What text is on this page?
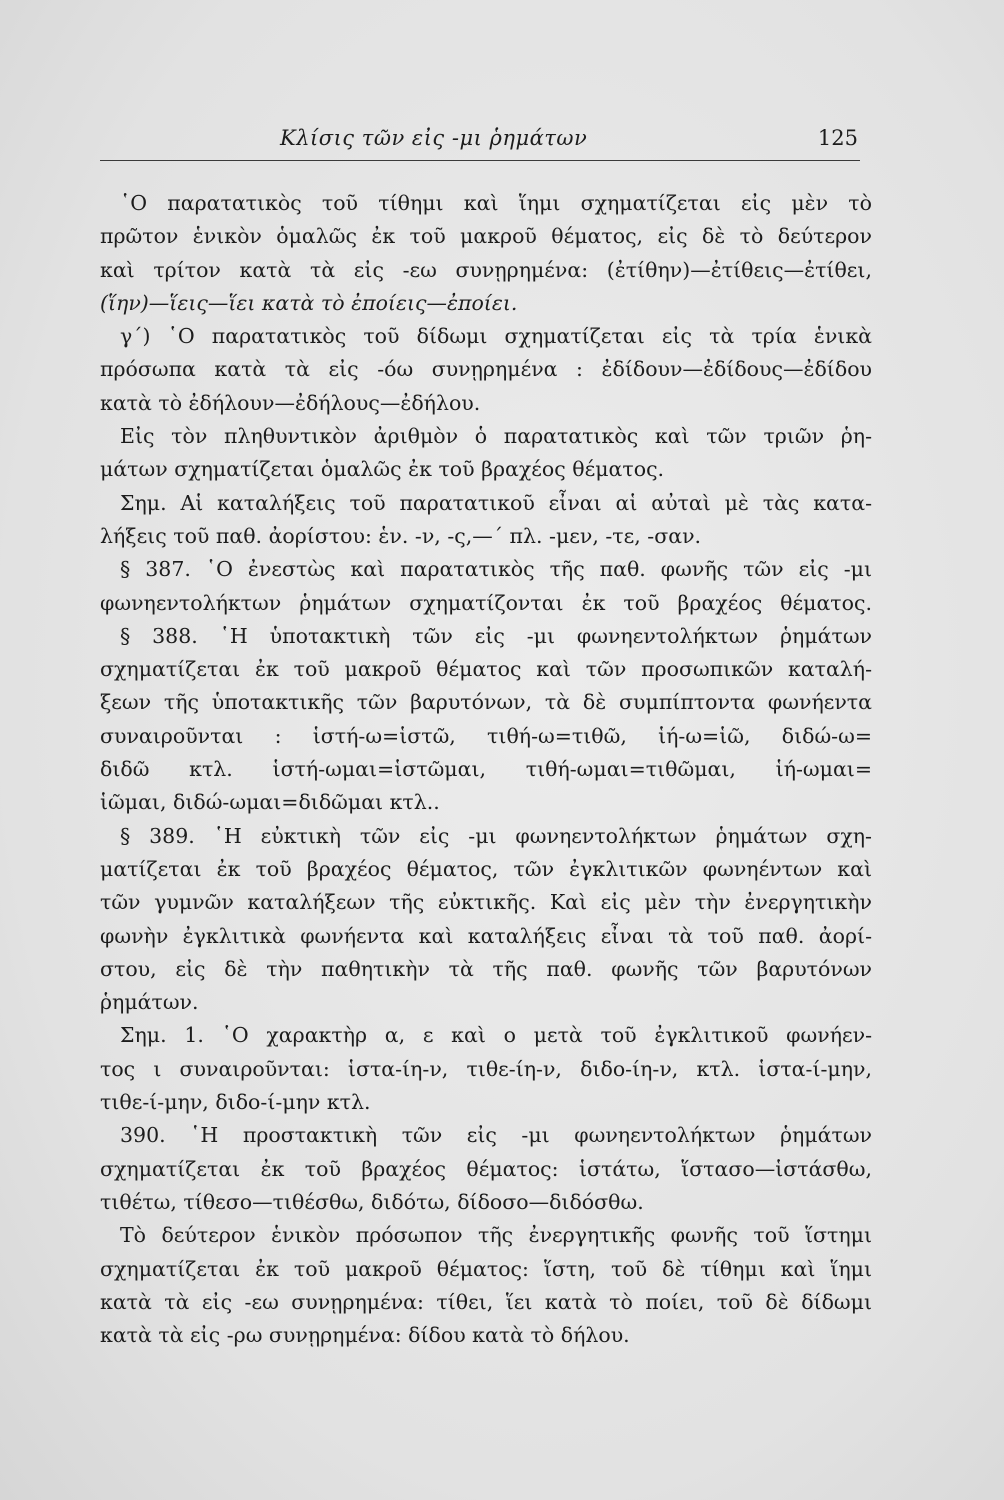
Κλίσις τῶν εἰς -μι ῥημάτων	125
῾Ο παρατατικὸς τοῦ τίθημι καὶ ἵημι σχηματίζεται εἰς μὲν τὸ
πρῶτον ἑνικὸν ὁμαλῶς ἐκ τοῦ μακροῦ θέματος, εἰς δὲ τὸ δεύτερον
καὶ τρίτον κατὰ τὰ εἰς -εω συνῃρημένα: (ἐτίθην)—ἐτίθεις—ἐτίθει,
(ἵην)—ἵεις—ἵει κατὰ τὸ ἐποίεις—ἐποίει.
γ΄) ῾Ο παρατατικὸς τοῦ δίδωμι σχηματίζεται εἰς τὰ τρία ἑνικὰ
πρόσωπα κατὰ τὰ εἰς -όω συνῃρημένα : ἐδίδουν—ἐδίδους—ἐδίδου
κατὰ τὸ ἐδήλουν—ἐδήλους—ἐδήλου.
Εἰς τὸν πληθυντικὸν ἀριθμὸν ὁ παρατατικὸς καὶ τῶν τριῶν ῥη-
μάτων σχηματίζεται ὁμαλῶς ἐκ τοῦ βραχέος θέματος.
Σημ. Αἱ καταλήξεις τοῦ παρατατικοῦ εἶναι αἱ αὐταὶ μὲ τὰς κατα-
λήξεις τοῦ παθ. ἀορίστου: ἑν. -ν, -ς,—΄ πλ. -μεν, -τε, -σαν.
§ 387. ῾Ο ἐνεστὼς καὶ παρατατικὸς τῆς παθ. φωνῆς τῶν εἰς -μι
φωνηεντολήκτων ῥημάτων σχηματίζονται ἐκ τοῦ βραχέος θέματος.
§ 388. ῾Η ὑποτακτικὴ τῶν εἰς -μι φωνηεντολήκτων ῥημάτων
σχηματίζεται ἐκ τοῦ μακροῦ θέματος καὶ τῶν προσωπικῶν καταλή-
ξεων τῆς ὑποτακτικῆς τῶν βαρυτόνων, τὰ δὲ συμπίπτοντα φωνήεντα
συναιροῦνται : ἱστή-ω=ἱστῶ, τιθή-ω=τιθῶ, ἱή-ω=ἱῶ, διδώ-ω=
διδῶ κτλ. ἱστή-ωμαι=ἱστῶμαι, τιθή-ωμαι=τιθῶμαι, ἱή-ωμαι=
ἱῶμαι, διδώ-ωμαι=διδῶμαι κτλ..
§ 389. ῾Η εὐκτικὴ τῶν εἰς -μι φωνηεντολήκτων ῥημάτων σχη-
ματίζεται ἐκ τοῦ βραχέος θέματος, τῶν ἐγκλιτικῶν φωνηέντων καὶ
τῶν γυμνῶν καταλήξεων τῆς εὐκτικῆς. Καὶ εἰς μὲν τὴν ἐνεργητικὴν
φωνὴν ἐγκλιτικὰ φωνήεντα καὶ καταλήξεις εἶναι τὰ τοῦ παθ. ἀορί-
στου, εἰς δὲ τὴν παθητικὴν τὰ τῆς παθ. φωνῆς τῶν βαρυτόνων
ῥημάτων.
Σημ. 1. ῾Ο χαρακτὴρ α, ε καὶ ο μετὰ τοῦ ἐγκλιτικοῦ φωνήεν-
τος ι συναιροῦνται: ἱστα-ίη-ν, τιθε-ίη-ν, διδο-ίη-ν, κτλ. ἱστα-ί-μην,
τιθε-ί-μην, διδο-ί-μην κτλ.
390. ῾Η προστακτικὴ τῶν εἰς -μι φωνηεντολήκτων ῥημάτων
σχηματίζεται ἐκ τοῦ βραχέος θέματος: ἱστάτω, ἵστασο—ἱστάσθω,
τιθέτω, τίθεσο—τιθέσθω, διδότω, δίδοσο—διδόσθω.
Τὸ δεύτερον ἑνικὸν πρόσωπον τῆς ἐνεργητικῆς φωνῆς τοῦ ἵστημι
σχηματίζεται ἐκ τοῦ μακροῦ θέματος: ἵστη, τοῦ δὲ τίθημι καὶ ἵημι
κατὰ τὰ εἰς -εω συνῃρημένα: τίθει, ἵει κατὰ τὸ ποίει, τοῦ δὲ δίδωμι
κατὰ τὰ εἰς -ρω συνῃρημένα: δίδου κατὰ τὸ δήλου.
